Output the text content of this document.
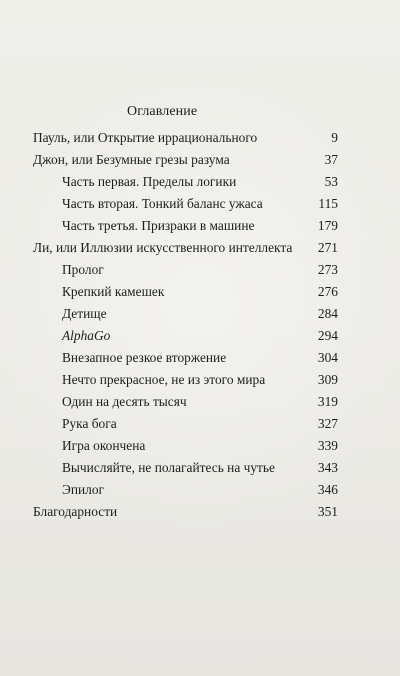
Оглавление
Пауль, или Открытие иррационального	9
Джон, или Безумные грезы разума	37
Часть первая. Пределы логики	53
Часть вторая. Тонкий баланс ужаса	115
Часть третья. Призраки в машине	179
Ли, или Иллюзии искусственного интеллекта	271
Пролог	273
Крепкий камешек	276
Детище	284
AlphaGo	294
Внезапное резкое вторжение	304
Нечто прекрасное, не из этого мира	309
Один на десять тысяч	319
Рука бога	327
Игра окончена	339
Вычисляйте, не полагайтесь на чутье	343
Эпилог	346
Благодарности	351
